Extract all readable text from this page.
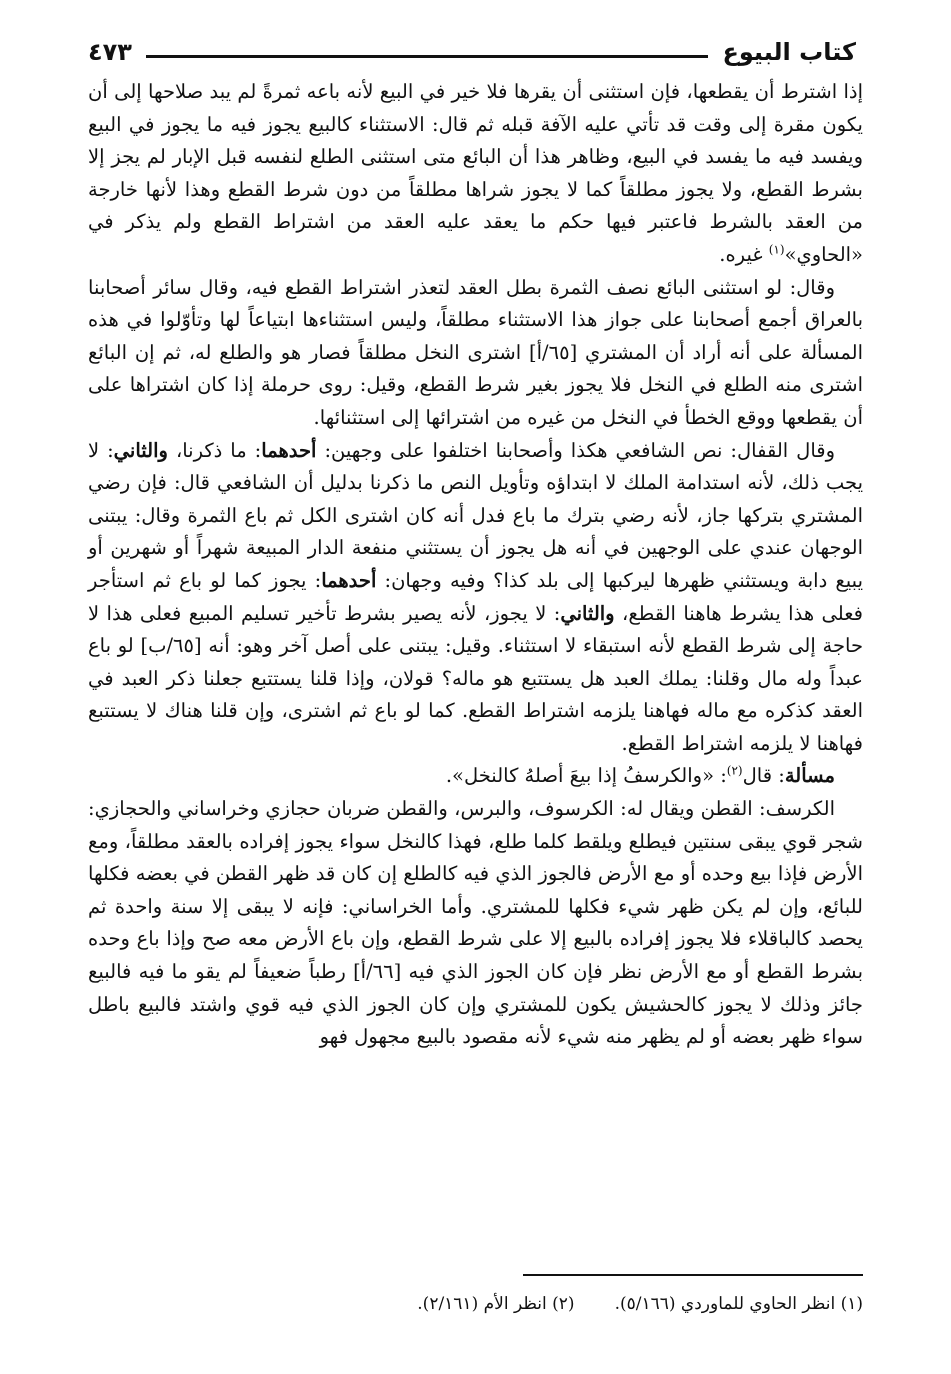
كتاب البيوع
٤٧٣

إذا اشترط أن يقطعها، فإن استثنى أن يقرها فلا خير في البيع لأنه باعه ثمرةً لم يبد صلاحها إلى أن يكون مقرة إلى وقت قد تأتي عليه الآفة قبله ثم قال: الاستثناء كالبيع يجوز فيه ما يجوز في البيع ويفسد فيه ما يفسد في البيع، وظاهر هذا أن البائع متى استثنى الطلع لنفسه قبل الإبار لم يجز إلا بشرط القطع، ولا يجوز مطلقاً كما لا يجوز شراها مطلقاً من دون شرط القطع وهذا لأنها خارجة من العقد بالشرط فاعتبر فيها حكم ما يعقد عليه العقد من اشتراط القطع ولم يذكر في «الحاوي»$^{(١)}$ غيره.

وقال: لو استثنى البائع نصف الثمرة بطل العقد لتعذر اشتراط القطع فيه، وقال سائر أصحابنا بالعراق أجمع أصحابنا على جواز هذا الاستثناء مطلقاً، وليس استثناءها ابتياعاً لها وتأوّلوا في هذه المسألة على أنه أراد أن المشتري [٦٥/أ] اشترى النخل مطلقاً فصار هو والطلع له، ثم إن البائع اشترى منه الطلع في النخل فلا يجوز بغير شرط القطع، وقيل: روى حرملة إذا كان اشتراها على أن يقطعها ووقع الخطأ في النخل من غيره من اشترائها إلى استثنائها.

وقال القفال: نص الشافعي هكذا وأصحابنا اختلفوا على وجهين: أحدهما: ما ذكرنا، والثاني: لا يجب ذلك، لأنه استدامة الملك لا ابتداؤه وتأويل النص ما ذكرنا بدليل أن الشافعي قال: فإن رضي المشتري بتركها جاز، لأنه رضي بترك ما باع فدل أنه كان اشترى الكل ثم باع الثمرة وقال: يبتنى الوجهان عندي على الوجهين في أنه هل يجوز أن يستثني منفعة الدار المبيعة شهراً أو شهرين أو يبيع دابة ويستثني ظهرها ليركبها إلى بلد كذا؟ وفيه وجهان: أحدهما: يجوز كما لو باع ثم استأجر فعلى هذا يشرط هاهنا القطع، والثاني: لا يجوز، لأنه يصير بشرط تأخير تسليم المبيع فعلى هذا لا حاجة إلى شرط القطع لأنه استبقاء لا استثناء. وقيل: يبتنى على أصل آخر وهو: أنه [٦٥/ب] لو باع عبداً وله مال وقلنا: يملك العبد هل يستتبع هو ماله؟ قولان، وإذا قلنا يستتبع جعلنا ذكر العبد في العقد كذكره مع ماله فهاهنا يلزمه اشتراط القطع. كما لو باع ثم اشترى، وإن قلنا هناك لا يستتبع فهاهنا لا يلزمه اشتراط القطع.

مسألة: قال$^{(٢)}$: «والكرسفُ إذا بيعَ أصلهُ كالنخل».

الكرسف: القطن ويقال له: الكرسوف، والبرس، والقطن ضربان حجازي وخراساني والحجازي: شجر قوي يبقى سنتين فيطلع ويلقط كلما طلع، فهذا كالنخل سواء يجوز إفراده بالعقد مطلقاً، ومع الأرض فإذا بيع وحده أو مع الأرض فالجوز الذي فيه كالطلع إن كان قد ظهر القطن في بعضه فكلها للبائع، وإن لم يكن ظهر شيء فكلها للمشتري. وأما الخراساني: فإنه لا يبقى إلا سنة واحدة ثم يحصد كالباقلاء فلا يجوز إفراده بالبيع إلا على شرط القطع، وإن باع الأرض معه صح وإذا باع وحده بشرط القطع أو مع الأرض نظر فإن كان الجوز الذي فيه [٦٦/أ] رطباً ضعيفاً لم يقو ما فيه فالبيع جائز وذلك لا يجوز كالحشيش يكون للمشتري وإن كان الجوز الذي فيه قوي واشتد فالبيع باطل سواء ظهر بعضه أو لم يظهر منه شيء لأنه مقصود بالبيع مجهول فهو

(١) انظر الحاوي للماوردي (٥/١٦٦).
(٢) انظر الأم (٢/١٦١).
